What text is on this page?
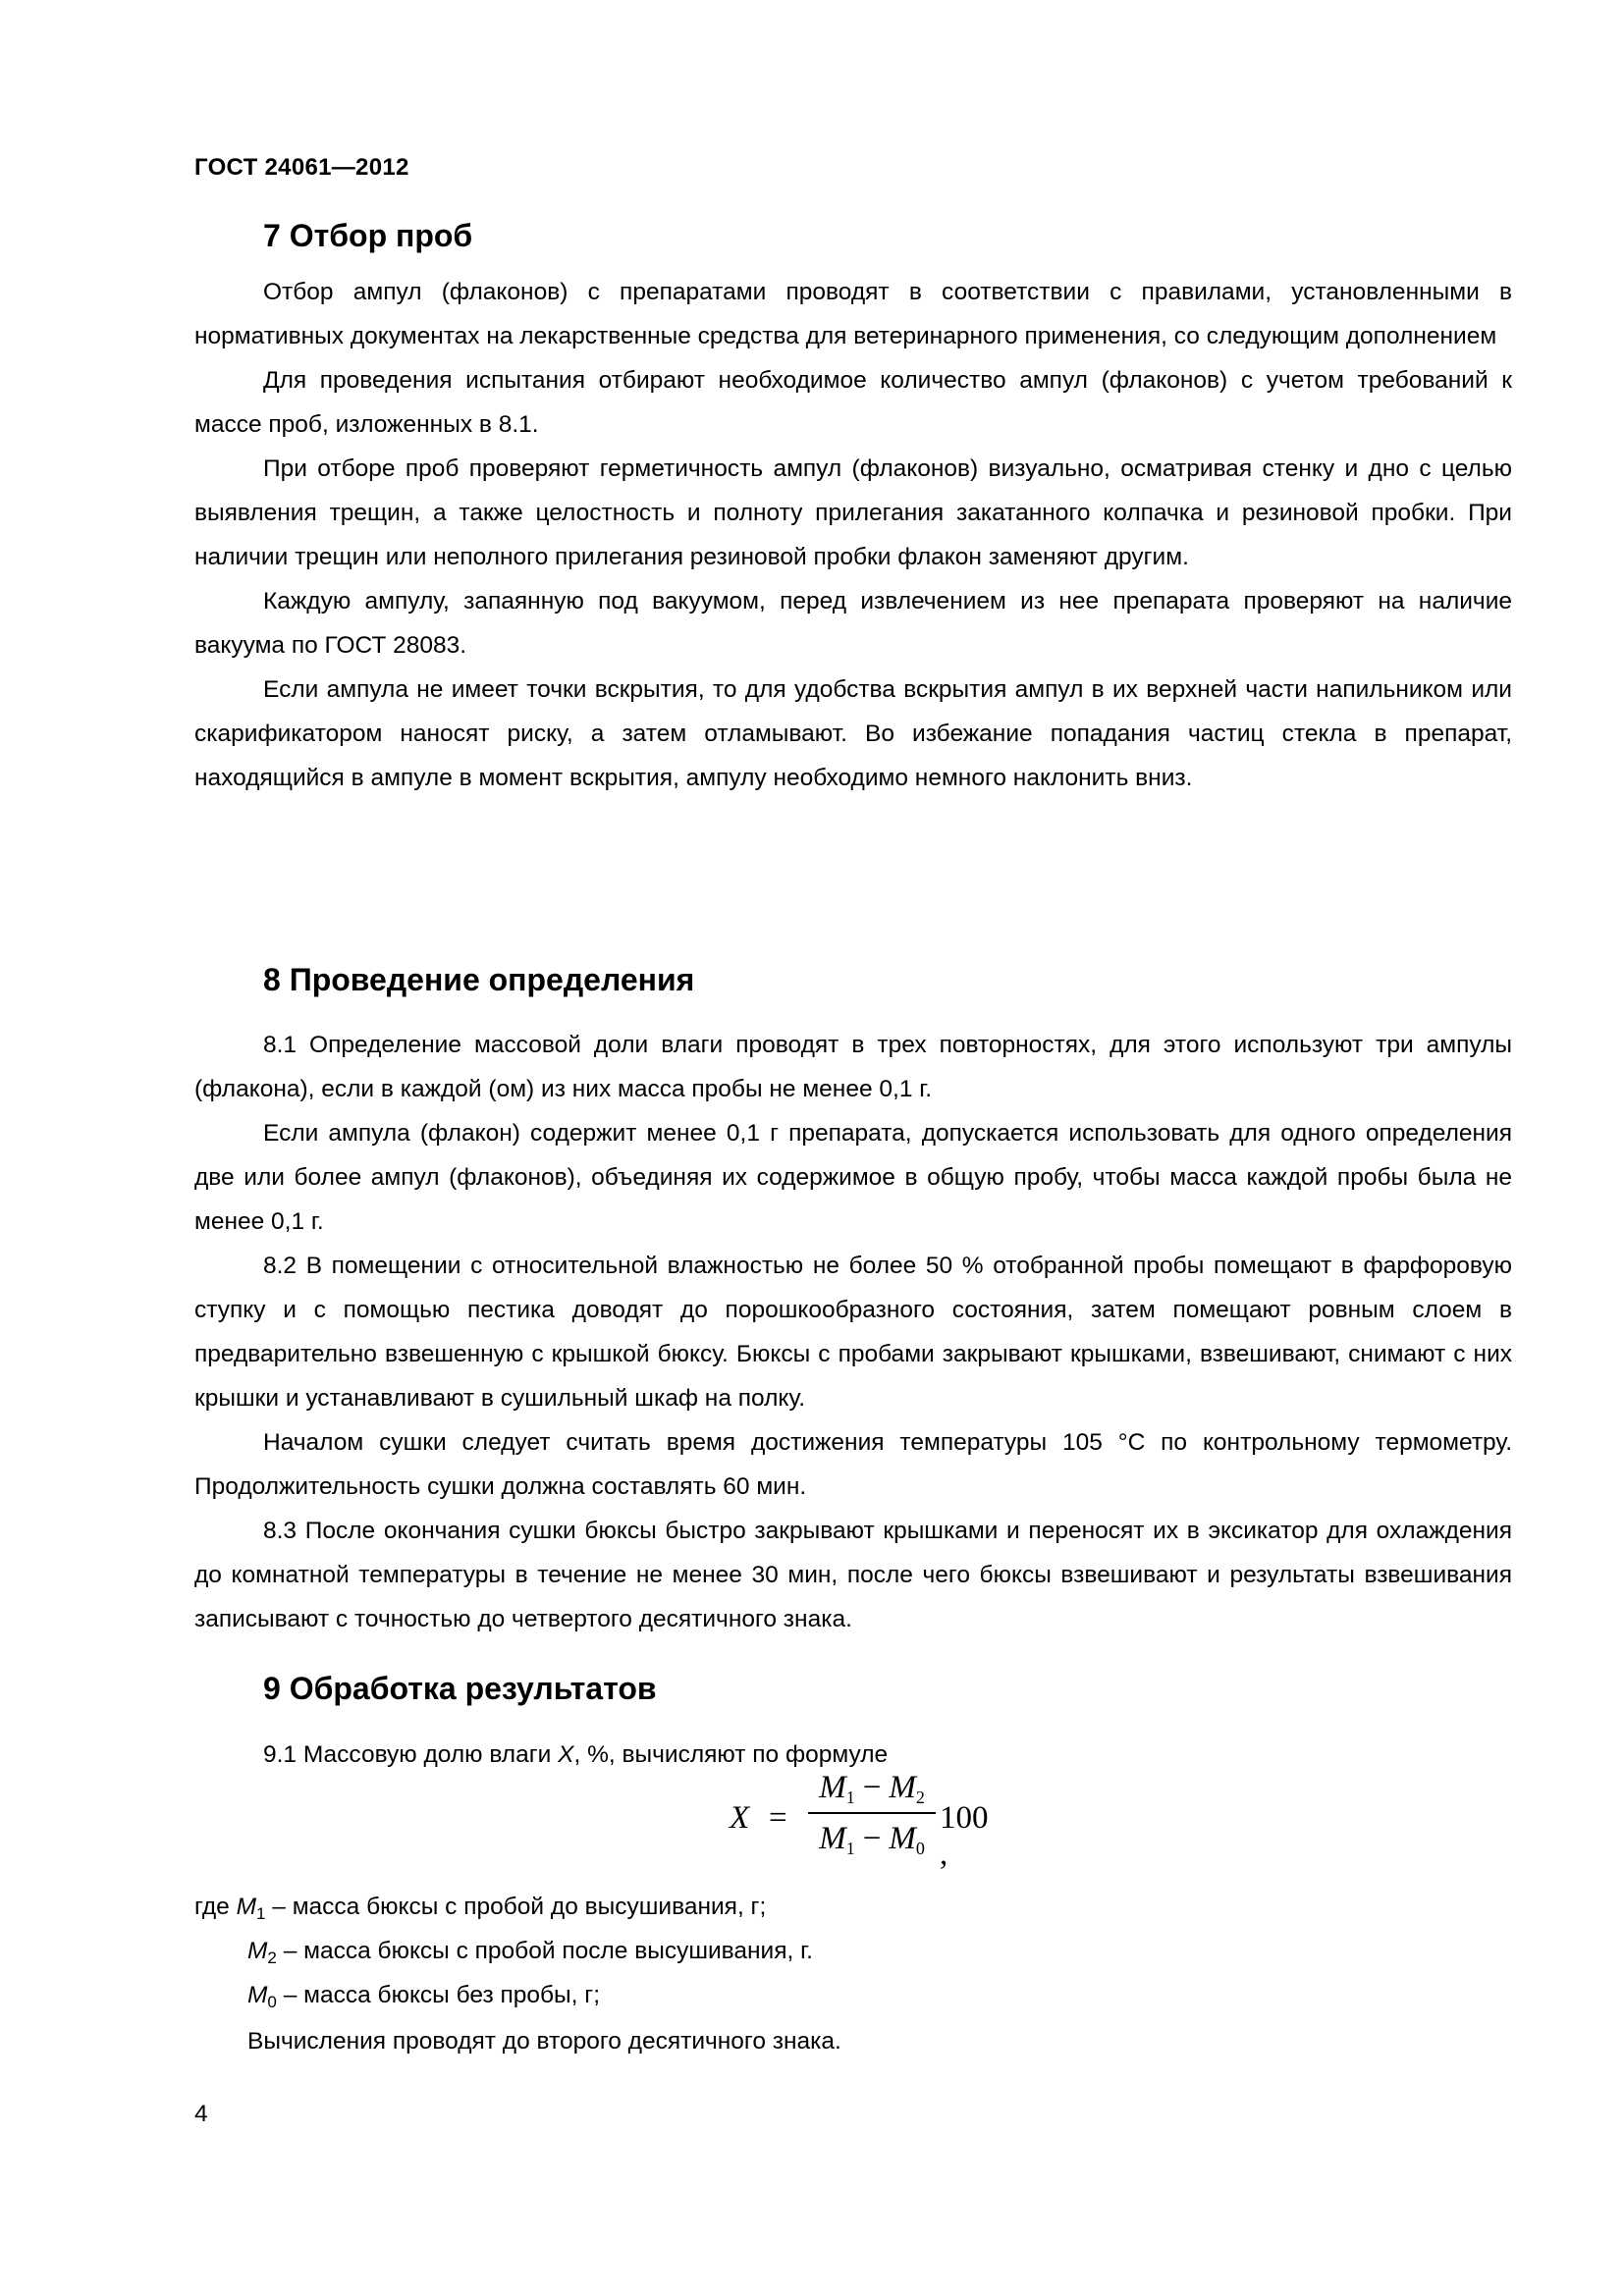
ГОСТ 24061—2012
7 Отбор проб

Отбор ампул (флаконов) с препаратами проводят в соответствии с правилами, установленными в нормативных документах на лекарственные средства для ветеринарного применения, со следующим дополнением

Для проведения испытания отбирают необходимое количество ампул (флаконов) с учетом требований к массе проб, изложенных в 8.1.

При отборе проб проверяют герметичность ампул (флаконов) визуально, осматривая стенку и дно с целью выявления трещин, а также целостность и полноту прилегания закатанного колпачка и резиновой пробки. При наличии трещин или неполного прилегания резиновой пробки флакон заменяют другим.

Каждую ампулу, запаянную под вакуумом, перед извлечением из нее препарата проверяют на наличие вакуума по ГОСТ 28083.

Если ампула не имеет точки вскрытия, то для удобства вскрытия ампул в их верхней части напильником или скарификатором наносят риску, а затем отламывают. Во избежание попадания частиц стекла в препарат, находящийся в ампуле в момент вскрытия, ампулу необходимо немного наклонить вниз.

8 Проведение определения

8.1 Определение массовой доли влаги проводят в трех повторностях, для этого используют три ампулы (флакона), если в каждой (ом) из них масса пробы не менее 0,1 г.

Если ампула (флакон) содержит менее 0,1 г препарата, допускается использовать для одного определения две или более ампул (флаконов), объединяя их содержимое в общую пробу, чтобы масса каждой пробы была не менее 0,1 г.

8.2 В помещении с относительной влажностью не более 50 % отобранной пробы помещают в фарфоровую ступку и с помощью пестика доводят до порошкообразного состояния, затем помещают ровным слоем в предварительно взвешенную с крышкой бюксу. Бюксы с пробами закрывают крышками, взвешивают, снимают с них крышки и устанавливают в сушильный шкаф на полку.

Началом сушки следует считать время достижения температуры 105 °С по контрольному термометру. Продолжительность сушки должна составлять 60 мин.

8.3 После окончания сушки бюксы быстро закрывают крышками и переносят их в эксикатор для охлаждения до комнатной температуры в течение не менее 30 мин, после чего бюксы взвешивают и результаты взвешивания записывают с точностью до четвертого десятичного знака.

9 Обработка результатов

9.1 Массовую долю влаги X, %, вычисляют по формуле

X =
$M_1 - M_2$
$M_1 - M_0$
100 ,
где $M_1$ – масса бюксы с пробой до высушивания, г;
$M_2$ – масса бюксы с пробой после высушивания, г.
$M_0$ – масса бюксы без пробы, г;
Вычисления проводят до второго десятичного знака.
4
